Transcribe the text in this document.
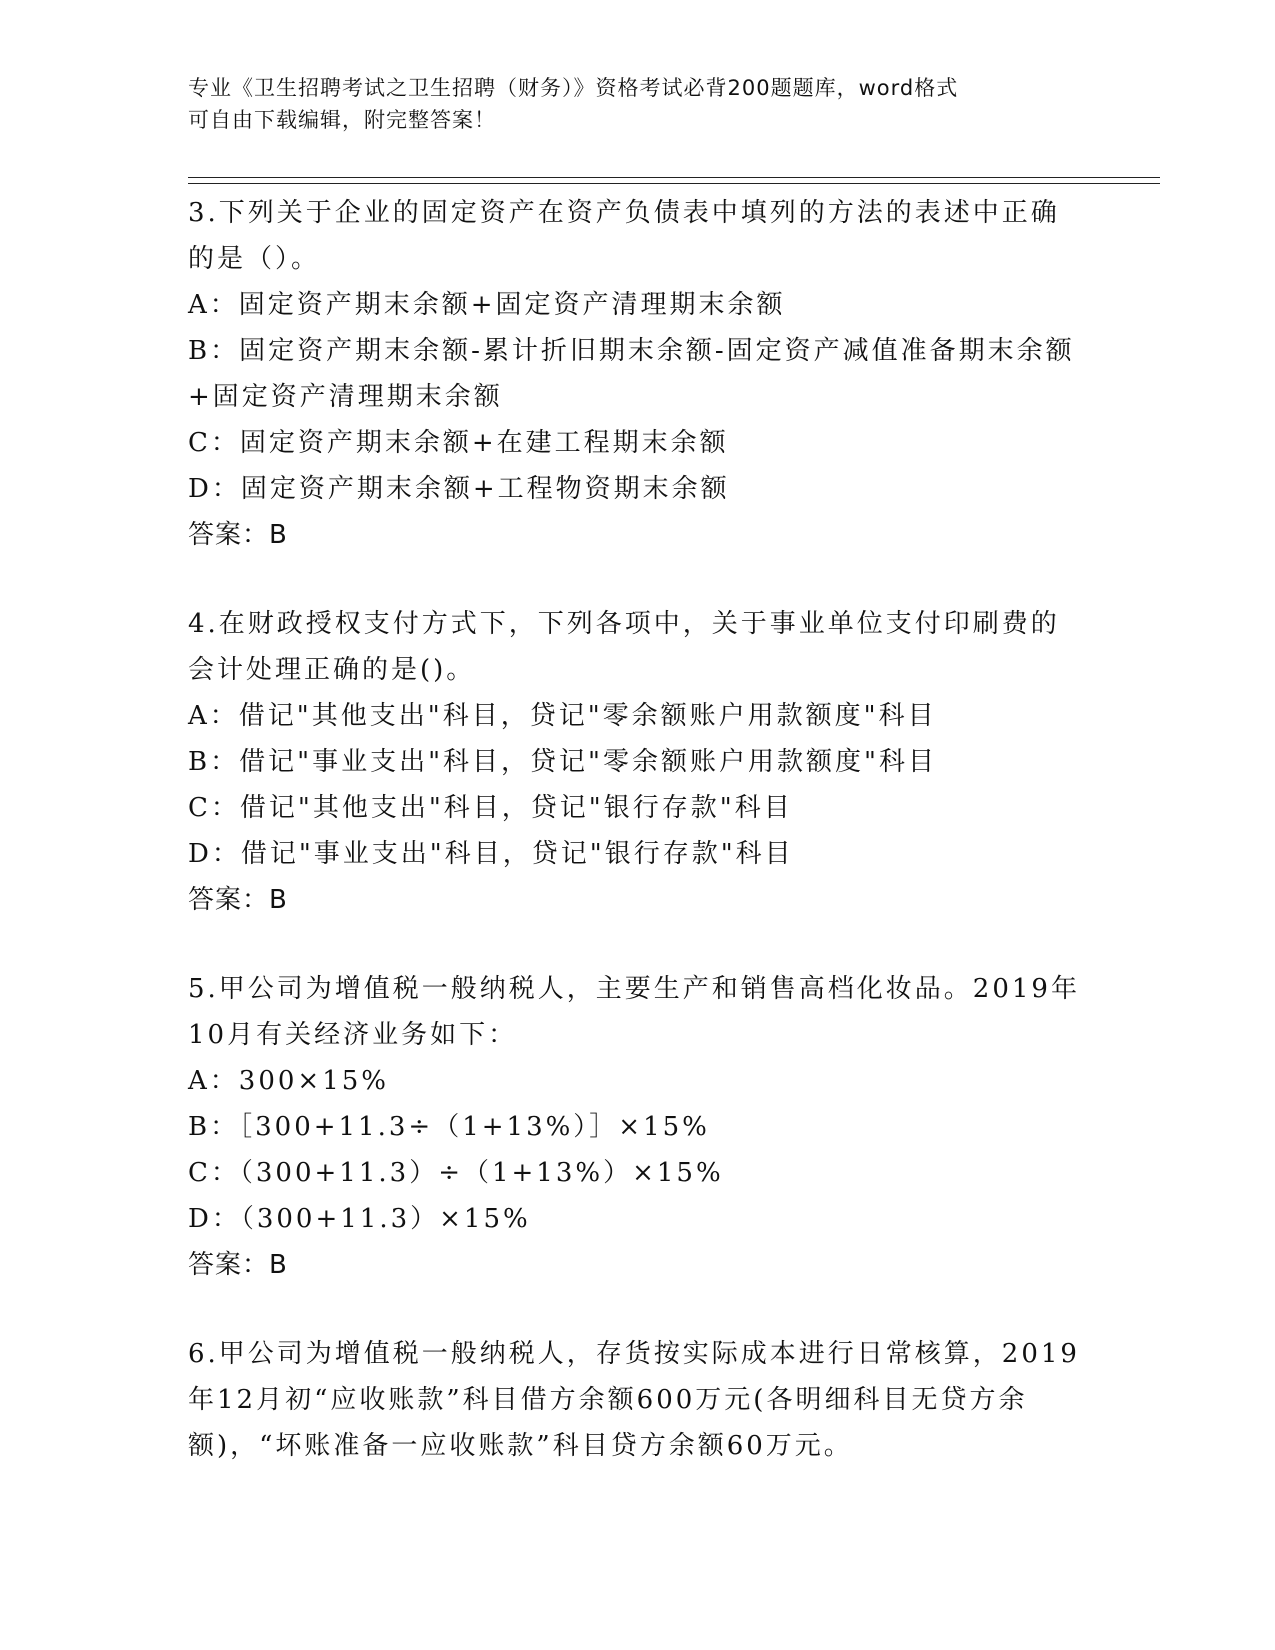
专业《卫生招聘考试之卫生招聘（财务）》资格考试必背200题题库，word格式
可自由下载编辑，附完整答案！
3.下列关于企业的固定资产在资产负债表中填列的方法的表述中正确
的是（）。
A：固定资产期末余额+固定资产清理期末余额
B：固定资产期末余额-累计折旧期末余额-固定资产减值准备期末余额
+固定资产清理期末余额
C：固定资产期末余额+在建工程期末余额
D：固定资产期末余额+工程物资期末余额
答案：B
4.在财政授权支付方式下，下列各项中，关于事业单位支付印刷费的
会计处理正确的是()。
A：借记"其他支出"科目，贷记"零余额账户用款额度"科目
B：借记"事业支出"科目，贷记"零余额账户用款额度"科目
C：借记"其他支出"科目，贷记"银行存款"科目
D：借记"事业支出"科目，贷记"银行存款"科目
答案：B
5.甲公司为增值税一般纳税人，主要生产和销售高档化妆品。2019年
10月有关经济业务如下：
A：300×15%
B：［300+11.3÷（1+13%）］×15%
C：（300+11.3）÷（1+13%）×15%
D：（300+11.3）×15%
答案：B
6.甲公司为增值税一般纳税人，存货按实际成本进行日常核算，2019
年12月初“应收账款”科目借方余额600万元(各明细科目无贷方余
额)，“坏账准备一应收账款”科目贷方余额60万元。
